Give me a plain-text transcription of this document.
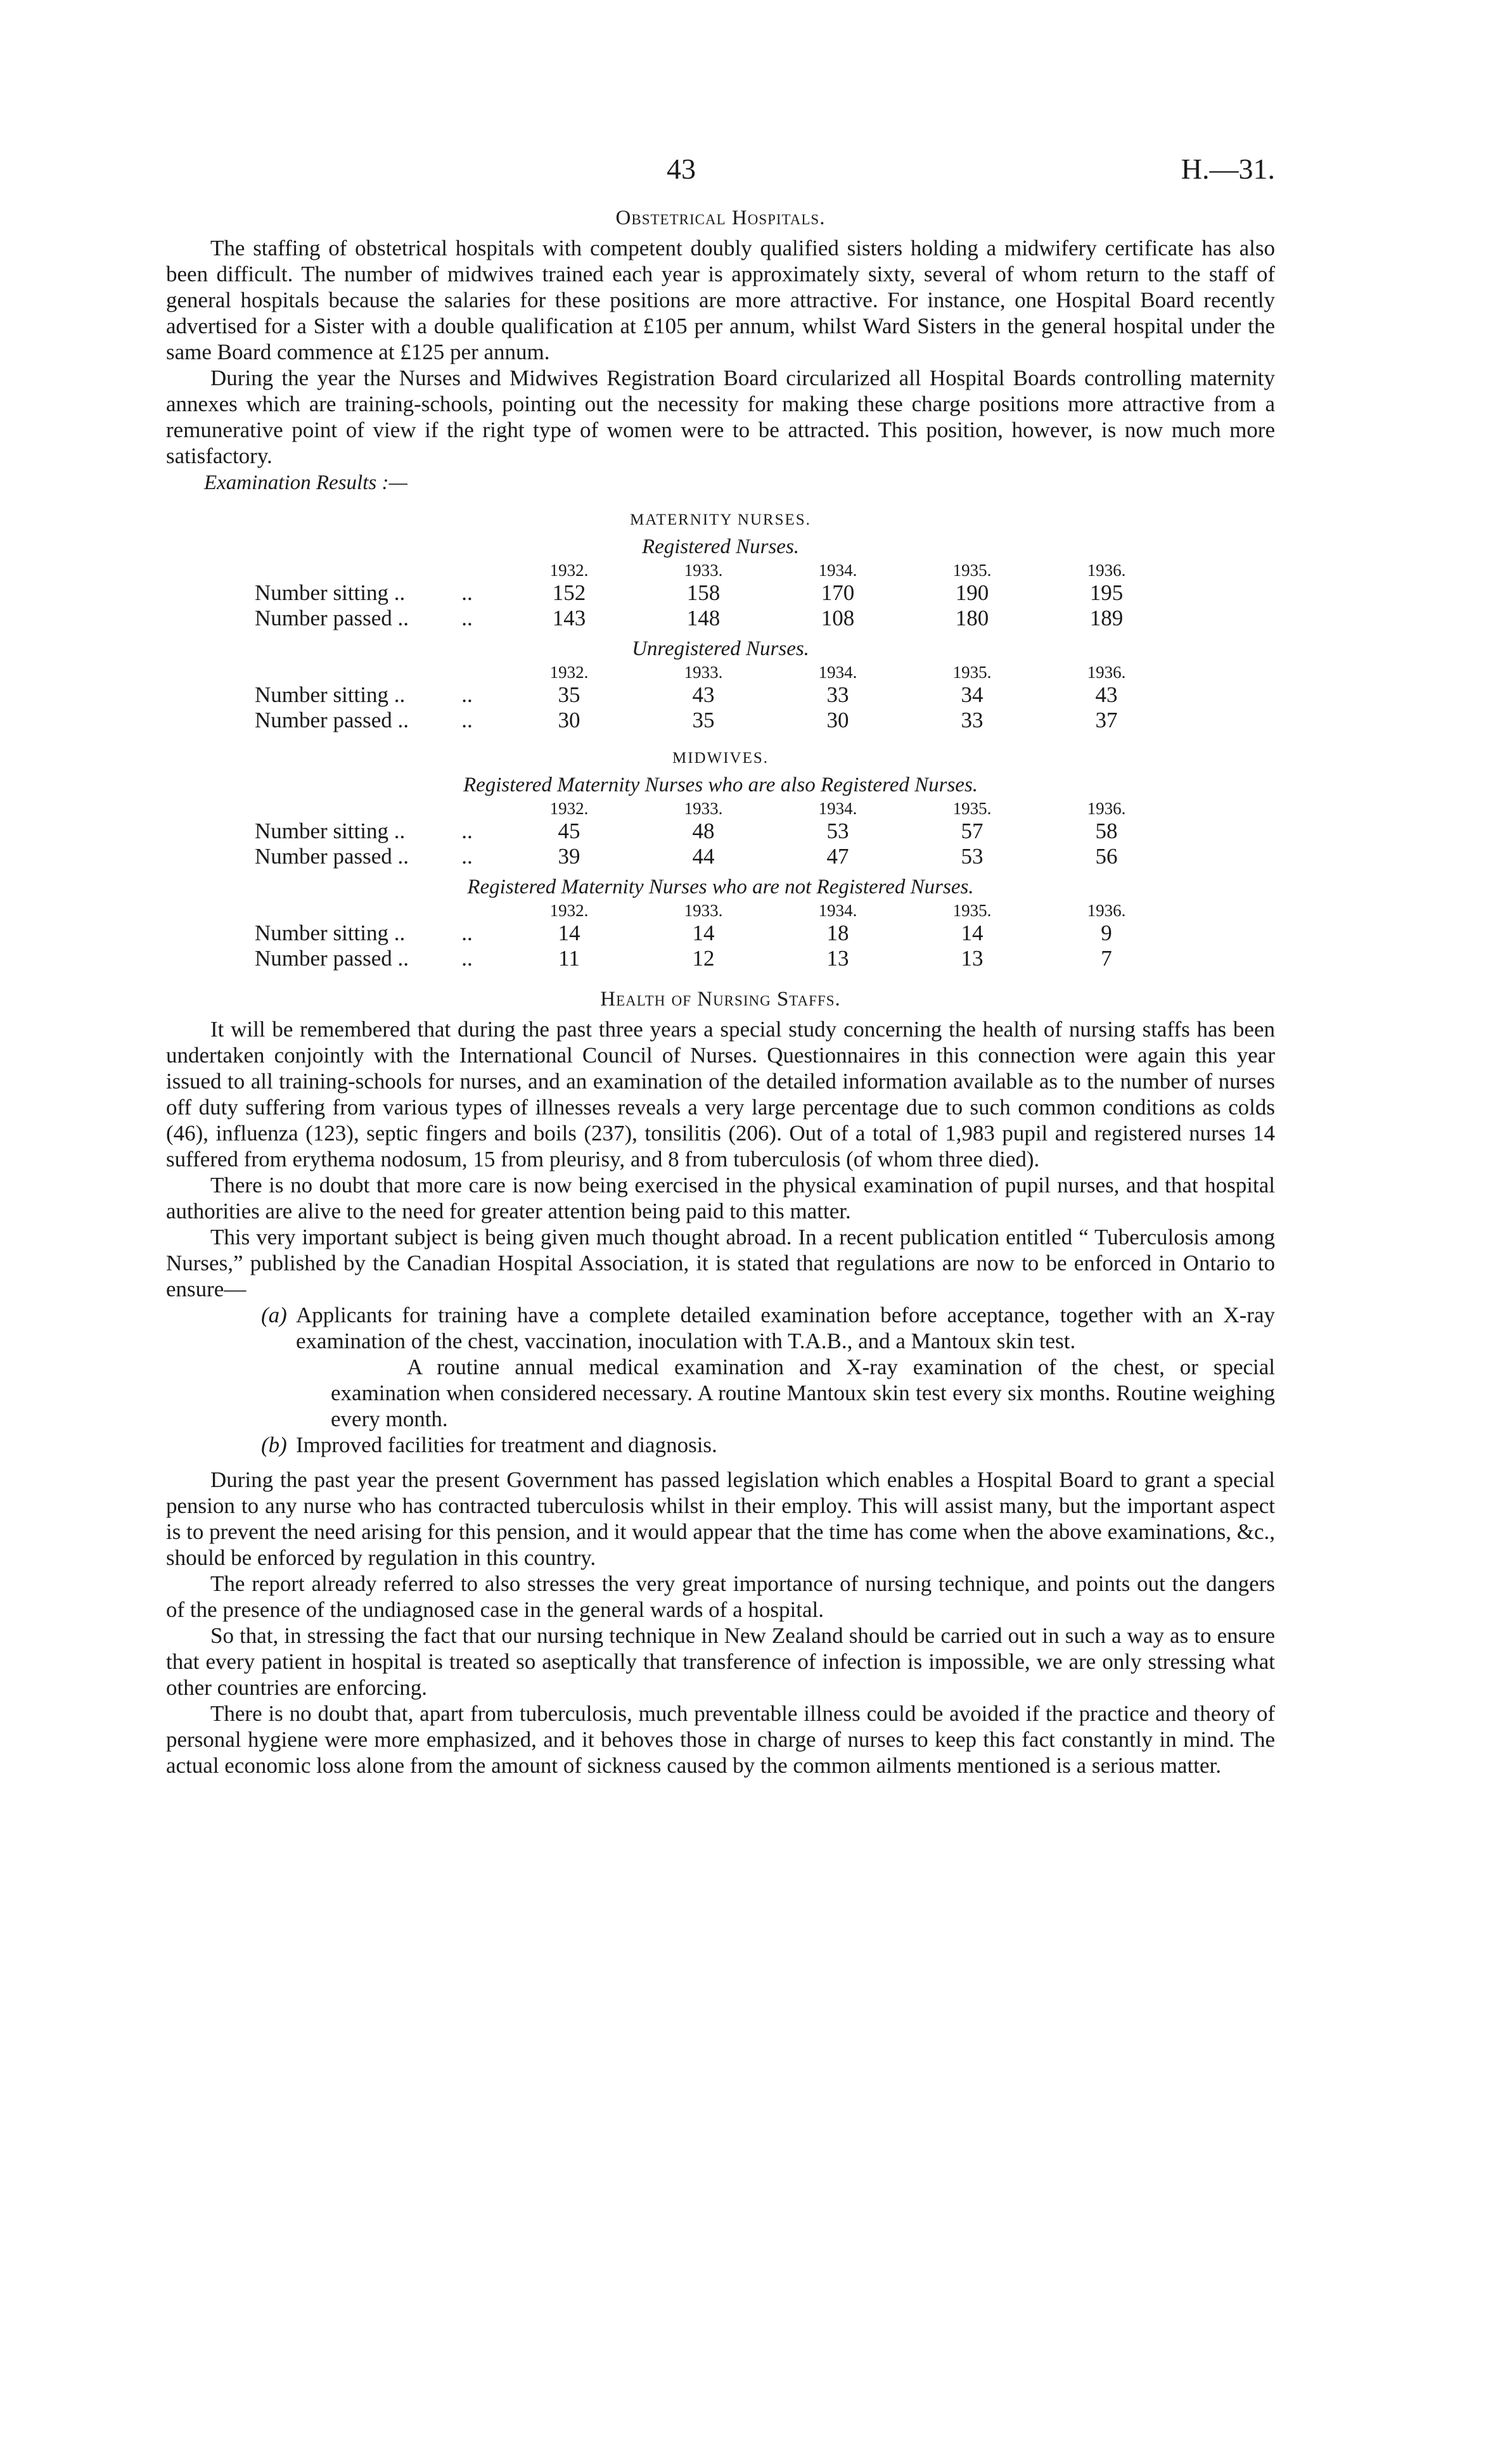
43	H.—31.
Obstetrical Hospitals.

The staffing of obstetrical hospitals with competent doubly qualified sisters holding a midwifery certificate has also been difficult. The number of midwives trained each year is approximately sixty, several of whom return to the staff of general hospitals because the salaries for these positions are more attractive. For instance, one Hospital Board recently advertised for a Sister with a double qualification at £105 per annum, whilst Ward Sisters in the general hospital under the same Board commence at £125 per annum.

During the year the Nurses and Midwives Registration Board circularized all Hospital Boards controlling maternity annexes which are training-schools, pointing out the necessity for making these charge positions more attractive from a remunerative point of view if the right type of women were to be attracted. This position, however, is now much more satisfactory.

Examination Results :—
MATERNITY NURSES.
Registered Nurses.
		1932.	1933.	1934.	1935.	1936.
Number sitting ..	..	152	158	170	190	195
Number passed ..	..	143	148	108	180	189
Unregistered Nurses.
		1932.	1933.	1934.	1935.	1936.
Number sitting ..	..	35	43	33	34	43
Number passed ..	..	30	35	30	33	37
MIDWIVES.
Registered Maternity Nurses who are also Registered Nurses.
		1932.	1933.	1934.	1935.	1936.
Number sitting ..	..	45	48	53	57	58
Number passed ..	..	39	44	47	53	56
Registered Maternity Nurses who are not Registered Nurses.
		1932.	1933.	1934.	1935.	1936.
Number sitting ..	..	14	14	18	14	9
Number passed ..	..	11	12	13	13	7
Health of Nursing Staffs.

It will be remembered that during the past three years a special study concerning the health of nursing staffs has been undertaken conjointly with the International Council of Nurses. Questionnaires in this connection were again this year issued to all training-schools for nurses, and an examination of the detailed information available as to the number of nurses off duty suffering from various types of illnesses reveals a very large percentage due to such common conditions as colds (46), influenza (123), septic fingers and boils (237), tonsilitis (206). Out of a total of 1,983 pupil and registered nurses 14 suffered from erythema nodosum, 15 from pleurisy, and 8 from tuberculosis (of whom three died).

There is no doubt that more care is now being exercised in the physical examination of pupil nurses, and that hospital authorities are alive to the need for greater attention being paid to this matter.

This very important subject is being given much thought abroad. In a recent publication entitled “ Tuberculosis among Nurses,” published by the Canadian Hospital Association, it is stated that regulations are now to be enforced in Ontario to ensure—

(a) Applicants for training have a complete detailed examination before acceptance, together with an X-ray examination of the chest, vaccination, inoculation with T.A.B., and a Mantoux skin test.

A routine annual medical examination and X-ray examination of the chest, or special examination when considered necessary. A routine Mantoux skin test every six months. Routine weighing every month.

(b) Improved facilities for treatment and diagnosis.

During the past year the present Government has passed legislation which enables a Hospital Board to grant a special pension to any nurse who has contracted tuberculosis whilst in their employ. This will assist many, but the important aspect is to prevent the need arising for this pension, and it would appear that the time has come when the above examinations, &c., should be enforced by regulation in this country.

The report already referred to also stresses the very great importance of nursing technique, and points out the dangers of the presence of the undiagnosed case in the general wards of a hospital.

So that, in stressing the fact that our nursing technique in New Zealand should be carried out in such a way as to ensure that every patient in hospital is treated so aseptically that transference of infection is impossible, we are only stressing what other countries are enforcing.

There is no doubt that, apart from tuberculosis, much preventable illness could be avoided if the practice and theory of personal hygiene were more emphasized, and it behoves those in charge of nurses to keep this fact constantly in mind. The actual economic loss alone from the amount of sickness caused by the common ailments mentioned is a serious matter.
